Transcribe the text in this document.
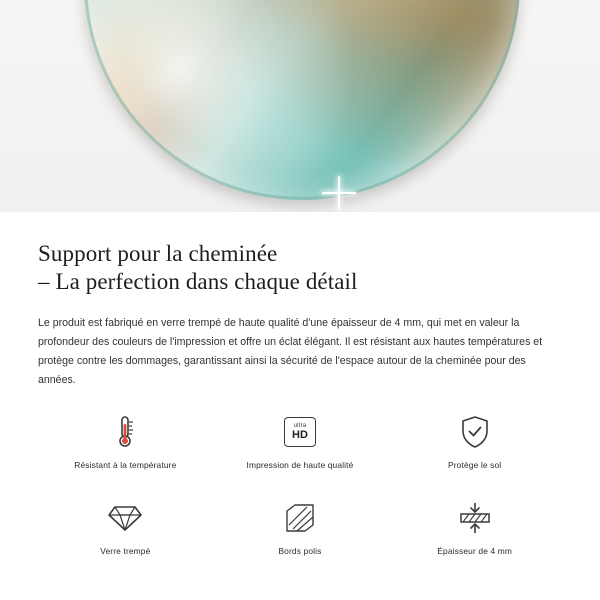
Support pour la cheminée
– La perfection dans chaque détail

Le produit est fabriqué en verre trempé de haute qualité d'une épaisseur de 4 mm, qui met en valeur la profondeur des couleurs de l'impression et offre un éclat élégant. Il est résistant aux hautes températures et protège contre les dommages, garantissant ainsi la sécurité de l'espace autour de la cheminée pour des années.

Résistant à la température
ultra
HD
Impression de haute qualité	Protège le sol
Verre trempé	Bords polis	Épaisseur de 4 mm
